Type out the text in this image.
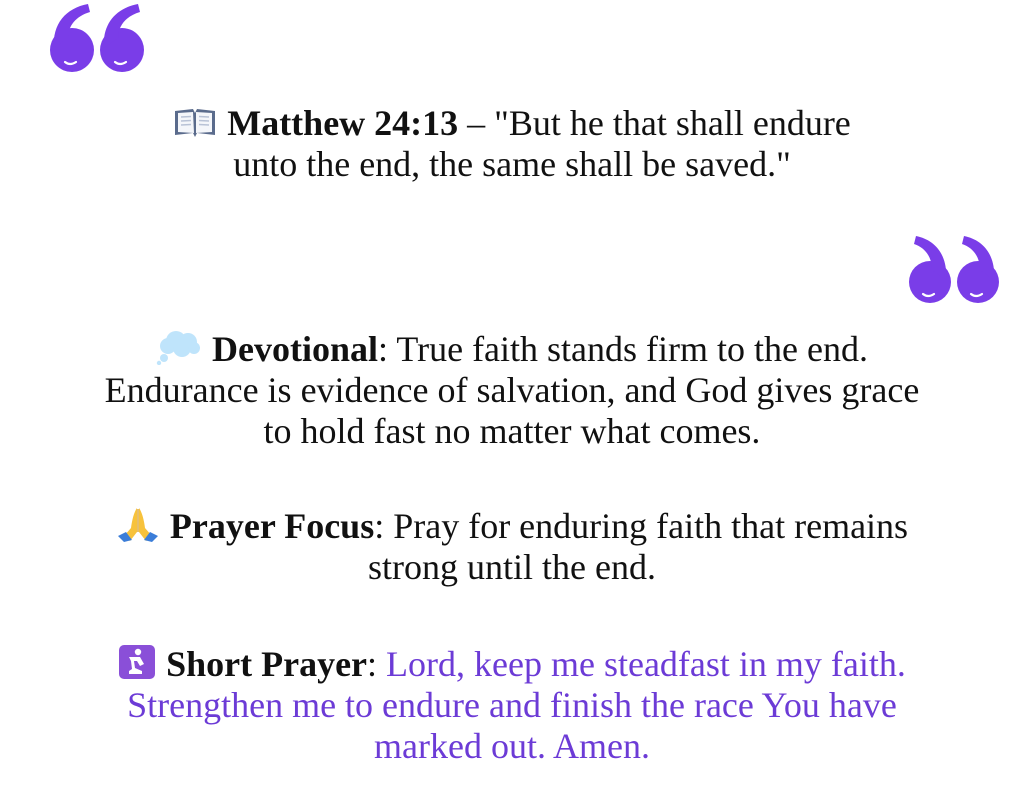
Matthew 24:13 – "But he that shall endure
unto the end, the same shall be saved."
Devotional: True faith stands firm to the end.
Endurance is evidence of salvation, and God gives grace
to hold fast no matter what comes.
Prayer Focus: Pray for enduring faith that remains
strong until the end.
Short Prayer: Lord, keep me steadfast in my faith.
Strengthen me to endure and finish the race You have
marked out. Amen.
